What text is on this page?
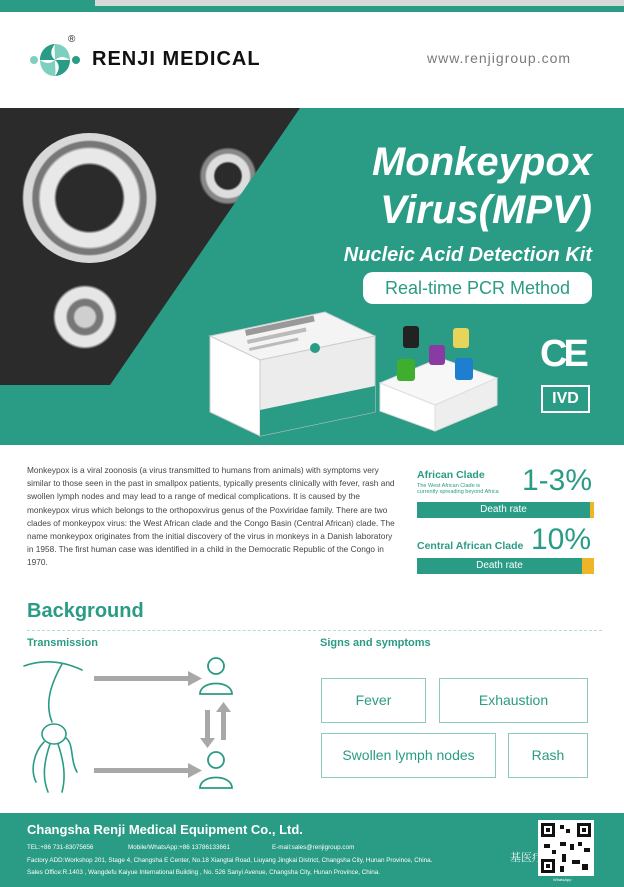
®
RENJI MEDICAL	www.renjigroup.com
Monkeypox
Virus(MPV)
Nucleic Acid Detection Kit
Real-time PCR Method
CE
IVD

Monkeypox is a viral zoonosis (a virus transmitted to humans from animals) with symptoms very similar to those seen in the past in smallpox patients, typically presents clinically with fever, rash and swollen lymph nodes and may lead to a range of medical complications. It is caused by the monkeypox virus which belongs to the orthopoxvirus genus of the Poxviridae family. There are two clades of monkeypox virus: the West African clade and the Congo Basin (Central African) clade. The name monkeypox originates from the initial discovery of the virus in monkeys in a Danish laboratory in 1958. The first human case was identified in a child in the Democratic Republic of the Congo in 1970.

African Clade
The West African Clade is
currently spreading beyond Africa 1-3%
Death rate
Central African Clade 10%
Death rate
Background
Transmission	Signs and symptoms
Fever	Exhaustion
Swollen lymph nodes	Rash
Changsha Renji Medical Equipment Co., Ltd.
TEL:+86 731-83075656	Mobile/WhatsApp:+86 13786133661	E-mail:sales@renjigroup.com
Factory ADD:Workshop 201, Stage 4, Changsha E Center, No.18 Xiangtai Road, Liuyang Jingkai District, Changsha City, Hunan Province, China.
Sales Office:R.1403 , Wangdefu Kaiyue International Building , No. 526 Sanyi Avenue, Changsha City, Hunan Province, China.
基医疗
WhatsApp
